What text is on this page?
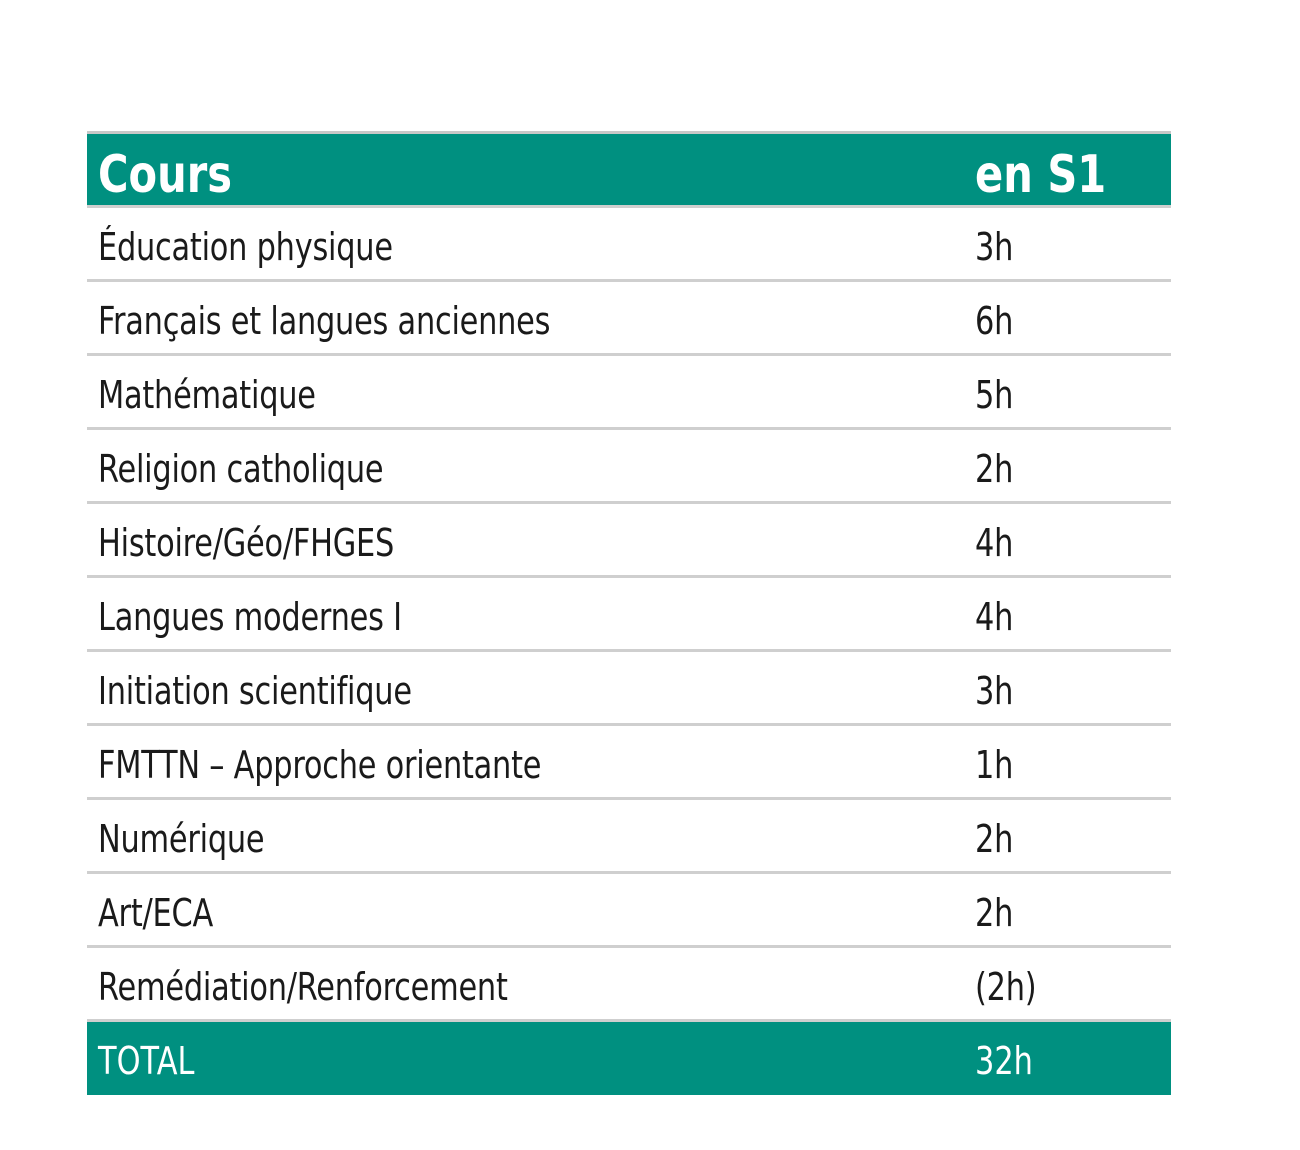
Cours	en S1
Éducation physique	3h
Français et langues anciennes	6h
Mathématique	5h
Religion catholique	2h
Histoire/Géo/FHGES	4h
Langues modernes I	4h
Initiation scientifique	3h
FMTTN – Approche orientante	1h
Numérique	2h
Art/ECA	2h
Remédiation/Renforcement	(2h)
TOTAL	32h
